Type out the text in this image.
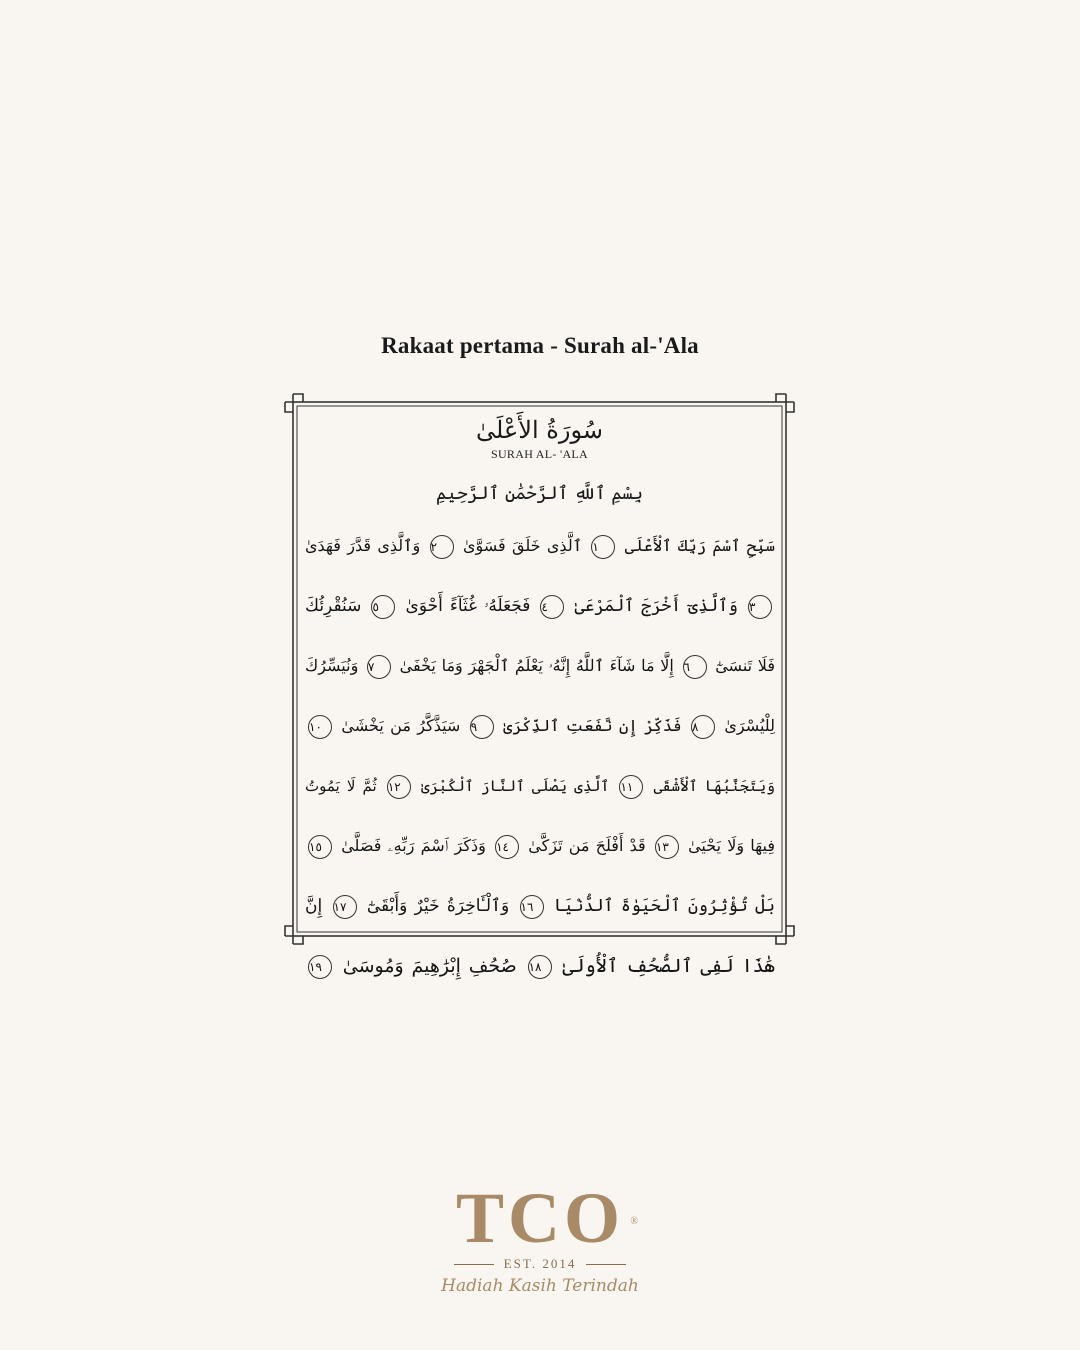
Rakaat pertama - Surah al-'Ala
سُورَةُ الأَعْلَىٰ
SURAH AL- 'ALA
بِسْمِ ٱللَّهِ ٱلرَّحْمَٰنِ ٱلرَّحِيمِ
سَبِّحِ ٱسْمَ رَبِّكَ ٱلْأَعْلَى ١ ٱلَّذِى خَلَقَ فَسَوَّىٰ ٢ وَٱلَّذِى قَدَّرَ فَهَدَىٰ
٣ وَٱلَّذِىٓ أَخْرَجَ ٱلْمَرْعَىٰ ٤ فَجَعَلَهُۥ غُثَآءً أَحْوَىٰ ٥ سَنُقْرِئُكَ
فَلَا تَنسَىٰٓ ٦ إِلَّا مَا شَآءَ ٱللَّهُ إِنَّهُۥ يَعْلَمُ ٱلْجَهْرَ وَمَا يَخْفَىٰ ٧ وَنُيَسِّرُكَ
لِلْيُسْرَىٰ ٨ فَذَكِّرْ إِن نَّفَعَتِ ٱلذِّكْرَىٰ ٩ سَيَذَّكَّرُ مَن يَخْشَىٰ ١٠
وَيَتَجَنَّبُهَا ٱلْأَشْقَى ١١ ٱلَّذِى يَصْلَى ٱلنَّارَ ٱلْكُبْرَىٰ ١٢ ثُمَّ لَا يَمُوتُ
فِيهَا وَلَا يَحْيَىٰ ١٣ قَدْ أَفْلَحَ مَن تَزَكَّىٰ ١٤ وَذَكَرَ ٱسْمَ رَبِّهِۦ فَصَلَّىٰ ١٥
بَلْ تُؤْثِرُونَ ٱلْحَيَوٰةَ ٱلدُّنْيَا ١٦ وَٱلْـَٔاخِرَةُ خَيْرٌ وَأَبْقَىٰٓ ١٧ إِنَّ
هَٰذَا لَفِى ٱلصُّحُفِ ٱلْأُولَىٰ ١٨ صُحُفِ إِبْرَٰهِيمَ وَمُوسَىٰ ١٩
TCO ®
EST. 2014
Hadiah Kasih Terindah
